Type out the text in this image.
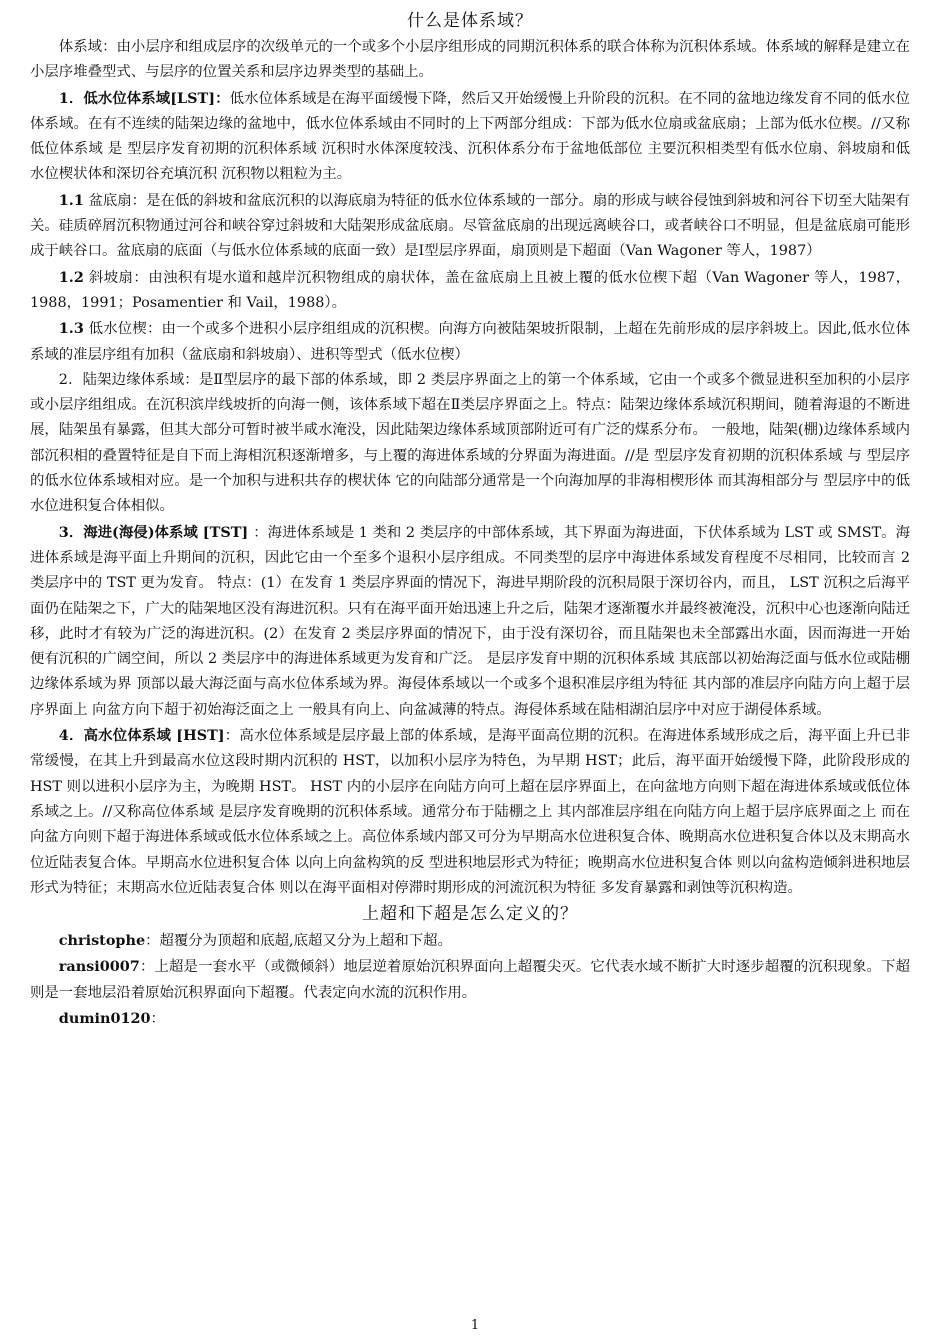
什么是体系域？

体系域：由小层序和组成层序的次级单元的一个或多个小层序组形成的同期沉积体系的联合体称为沉积体系域。体系域的解释是建立在小层序堆叠型式、与层序的位置关系和层序边界类型的基础上。

1．低水位体系域[LST]：低水位体系域是在海平面缓慢下降，然后又开始缓慢上升阶段的沉积。在不同的盆地边缘发育不同的低水位体系域。在有不连续的陆架边缘的盆地中，低水位体系域由不同时的上下两部分组成：下部为低水位扇或盆底扇；上部为低水位楔。//又称低位体系域 是 型层序发育初期的沉积体系域 沉积时水体深度较浅、沉积体系分布于盆地低部位 主要沉积相类型有低水位扇、斜坡扇和低水位楔状体和深切谷充填沉积 沉积物以粗粒为主。

1.1 盆底扇：是在低的斜坡和盆底沉积的以海底扇为特征的低水位体系域的一部分。扇的形成与峡谷侵蚀到斜坡和河谷下切至大陆架有关。硅质碎屑沉积物通过河谷和峡谷穿过斜坡和大陆架形成盆底扇。尽管盆底扇的出现远离峡谷口，或者峡谷口不明显，但是盆底扇可能形成于峡谷口。盆底扇的底面（与低水位体系域的底面一致）是Ⅰ型层序界面，扇顶则是下超面（Van Wagoner 等人，1987）

1.2 斜坡扇：由浊积有堤水道和越岸沉积物组成的扇状体，盖在盆底扇上且被上覆的低水位楔下超（Van Wagoner 等人，1987，1988，1991；Posamentier 和 Vail，1988）。

1.3 低水位楔：由一个或多个进积小层序组组成的沉积楔。向海方向被陆架坡折限制，上超在先前形成的层序斜坡上。因此,低水位体系域的准层序组有加积（盆底扇和斜坡扇）、进积等型式（低水位楔）

2．陆架边缘体系域：是Ⅱ型层序的最下部的体系域，即 2 类层序界面之上的第一个体系域，它由一个或多个微显进积至加积的小层序或小层序组组成。在沉积滨岸线坡折的向海一侧，该体系域下超在Ⅱ类层序界面之上。特点：陆架边缘体系域沉积期间，随着海退的不断进展，陆架虽有暴露，但其大部分可暂时被半咸水淹没，因此陆架边缘体系域顶部附近可有广泛的煤系分布。 一般地，陆架(棚)边缘体系域内部沉积相的叠置特征是自下而上海相沉积逐渐增多，与上覆的海进体系域的分界面为海进面。//是 型层序发育初期的沉积体系域 与 型层序的低水位体系域相对应。是一个加积与进积共存的楔状体 它的向陆部分通常是一个向海加厚的非海相楔形体 而其海相部分与 型层序中的低水位进积复合体相似。

3．海进(海侵)体系域 [TST] ：海进体系域是 1 类和 2 类层序的中部体系域，其下界面为海进面，下伏体系域为 LST 或 SMST。海进体系域是海平面上升期间的沉积，因此它由一个至多个退积小层序组成。不同类型的层序中海进体系域发育程度不尽相同，比较而言 2 类层序中的 TST 更为发育。 特点：(1）在发育 1 类层序界面的情况下，海进早期阶段的沉积局限于深切谷内，而且， LST 沉积之后海平面仍在陆架之下，广大的陆架地区没有海进沉积。只有在海平面开始迅速上升之后，陆架才逐渐覆水并最终被淹没，沉积中心也逐渐向陆迁移，此时才有较为广泛的海进沉积。(2）在发育 2 类层序界面的情况下，由于没有深切谷，而且陆架也未全部露出水面，因而海进一开始便有沉积的广阔空间，所以 2 类层序中的海进体系域更为发育和广泛。 是层序发育中期的沉积体系域 其底部以初始海泛面与低水位或陆棚边缘体系域为界 顶部以最大海泛面与高水位体系域为界。海侵体系域以一个或多个退积准层序组为特征 其内部的准层序向陆方向上超于层序界面上 向盆方向下超于初始海泛面之上 一般具有向上、向盆减薄的特点。海侵体系域在陆相湖泊层序中对应于湖侵体系域。

4．高水位体系域 [HST]：高水位体系域是层序最上部的体系域，是海平面高位期的沉积。在海进体系域形成之后，海平面上升已非常缓慢，在其上升到最高水位这段时期内沉积的 HST，以加积小层序为特色，为早期 HST；此后，海平面开始缓慢下降，此阶段形成的 HST 则以进积小层序为主，为晚期 HST。 HST 内的小层序在向陆方向可上超在层序界面上，在向盆地方向则下超在海进体系域或低位体系域之上。//又称高位体系域 是层序发育晚期的沉积体系域。通常分布于陆棚之上 其内部准层序组在向陆方向上超于层序底界面之上 而在向盆方向则下超于海进体系域或低水位体系域之上。高位体系域内部又可分为早期高水位进积复合体、晚期高水位进积复合体以及末期高水位近陆表复合体。早期高水位进积复合体 以向上向盆构筑的反 型进积地层形式为特征；晚期高水位进积复合体 则以向盆构造倾斜进积地层形式为特征；末期高水位近陆表复合体 则以在海平面相对停滞时期形成的河流沉积为特征 多发育暴露和剥蚀等沉积构造。

上超和下超是怎么定义的？

christophe：超覆分为顶超和底超,底超又分为上超和下超。

ransi0007：上超是一套水平（或微倾斜）地层逆着原始沉积界面向上超覆尖灭。它代表水域不断扩大时逐步超覆的沉积现象。下超则是一套地层沿着原始沉积界面向下超覆。代表定向水流的沉积作用。

dumin0120：

1
